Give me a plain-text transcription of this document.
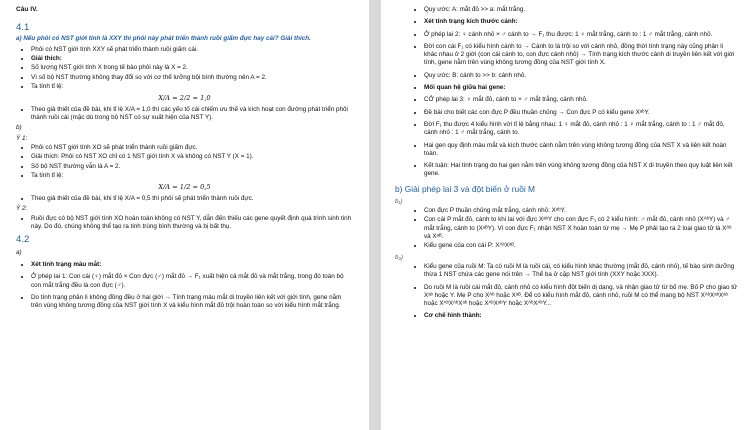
Câu IV.
4.1
a) Nếu phôi có NST giới tính là XXY thì phôi này phát triển thành ruồi giấm đực hay cái? Giải thích.
• Phôi có NST giới tính XXY sẽ phát triển thành ruồi giấm cái.
• Giải thích:
• Số lượng NST giới tính X trong tế bào phôi này là X = 2.
• Vì số bộ NST thường không thay đổi so với cơ thể lưỡng bội bình thường nên A = 2.
• Ta tính tỉ lệ:
X/A = 2/2 = 1,0
• Theo giả thiết của đề bài, khi tỉ lệ X/A = 1,0 thì các yếu tố cái chiếm ưu thế và kích hoạt con đường phát triển phôi thành ruồi cái (mặc dù trong bộ NST có sự xuất hiện của NST Y).
b)
Ý 1:
• Phôi có NST giới tính XO sẽ phát triển thành ruồi giấm đực.
• Giải thích: Phôi có NST XO chỉ có 1 NST giới tính X và không có NST Y (X = 1).
• Số bộ NST thường vẫn là A = 2.
• Ta tính tỉ lệ:
X/A = 1/2 = 0,5
• Theo giả thiết của đề bài, khi tỉ lệ X/A = 0,5 thì phôi sẽ phát triển thành ruồi đực.
Ý 2:
• Ruồi đực có bộ NST giới tính XO hoàn toàn không có NST Y, dẫn đến thiếu các gene quyết định quá trình sinh tinh này. Do đó, chúng không thể tạo ra tinh trùng bình thường và bị bất thụ.
4.2
a)
• Xét tính trạng màu mắt:
• Ở phép lai 1: Con cái (♀) mắt đỏ × Con đực (♂) mắt đỏ → F₁ xuất hiện cả mắt đỏ và mắt trắng, trong đó toàn bộ con mắt trắng đều là con đực (♂).
• Do tính trạng phân li không đồng đều ở hai giới → Tính trạng màu mắt di truyền liên kết với giới tính, gene nằm trên vùng không tương đồng của NST giới tính X và kiểu hình mắt đỏ trội hoàn toàn so với kiểu hình mắt trắng.
• Quy ước: A: mắt đỏ >> a: mắt trắng.
• Xét tính trạng kích thước cánh:
• Ở phép lai 2: ♀ cánh nhỏ × ♂ cánh to → F₁ thu được: 1 ♀ mắt trắng, cánh to : 1 ♂ mắt trắng, cánh nhỏ.
• Đời con cái F₁ có kiểu hình cánh to → Cánh to là trội so với cánh nhỏ, đồng thời tính trạng này cũng phân li khác nhau ở 2 giới (con cái cánh to, con đực cánh nhỏ) → Tính trạng kích thước cánh di truyền liên kết với giới tính, gene nằm trên vùng không tương đồng của NST giới tính X.
• Quy ước: B: cánh to >> b: cánh nhỏ.
• Mối quan hệ giữa hai gene:
• CỞ phép lai 3: ♀ mắt đỏ, cánh to × ♂ mắt trắng, cánh nhỏ.
• Đề bài cho biết các con đực P đều thuần chủng → Con đực P có kiểu gene XᵃᵇY.
• Đời F₁ thu được 4 kiểu hình với tỉ lệ bằng nhau: 1 ♀ mắt đỏ, cánh nhỏ : 1 ♀ mắt trắng, cánh to : 1 ♂ mắt đỏ, cánh nhỏ : 1 ♂ mắt trắng, cánh to.
• Hai gen quy định màu mắt và kích thước cánh nằm trên vùng không tương đồng của NST X và liên kết hoàn toàn.
• Kết luận: Hai tính trạng do hai gen nằm trên vùng không tương đồng của NST X di truyền theo quy luật liên kết gene.
b) Giải phép lai 3 và đột biến ở ruồi M
b₁)
• Con đực P thuần chủng mắt trắng, cánh nhỏ: XᵃᵇY.
• Con cái P mắt đỏ, cánh to khi lai với đực XᵃᵇY cho con đực F₁ có 2 kiểu hình: ♂ mắt đỏ, cánh nhỏ (XᴬᵇY) và ♂ mắt trắng, cánh to (XᵃᴮY). Vì con đực F₁ nhận NST X hoàn toàn từ mẹ → Mẹ P phải tạo ra 2 loại giao tử là Xᴬᵇ và Xᵃᴮ.
• Kiểu gene của con cái P: XᴬᵇXᵃᴮ.
b₂)
• Kiểu gene của ruồi M: Ta có ruồi M là ruồi cái, có kiểu hình khác thường (mắt đỏ, cánh nhỏ), tế bào sinh dưỡng thừa 1 NST chứa các gene nói trên → Thể ba ở cặp NST giới tính (XXY hoặc XXX).
• Do ruồi M là ruồi cái mắt đỏ, cánh nhỏ có kiểu hình đột biến dị dạng, và nhận giao tử từ bố mẹ. Bố P cho giao tử Xᵃᵇ hoặc Y. Mẹ P cho Xᴬᵇ hoặc Xᵃᴮ. Để có kiểu hình mắt đỏ, cánh nhỏ, ruồi M có thể mang bộ NST XᴬᵇXᵃᵇXᵃᵇ hoặc XᴬᵇXᴬᵇXᵃᵇ hoặc XᴬᵇXᵃᵇY hoặc XᴬᵇXᴬᵇY...
• Cơ chế hình thành:
